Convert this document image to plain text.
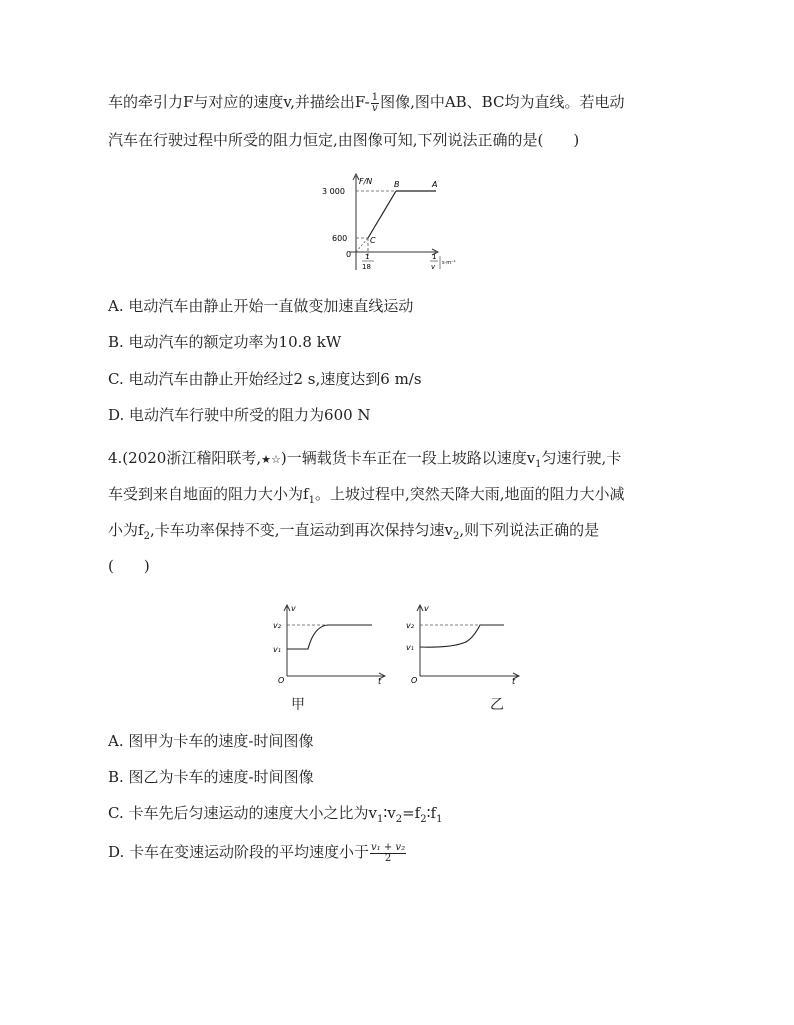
车的牵引力F与对应的速度v,并描绘出$F- \frac{1}{v}$ 图像,图中AB、BC均为直线。若电动
汽车在行驶过程中所受的阻力恒定,由图像可知,下列说法正确的是(　　)
F/N
3 000
600
0
A
B
C
1
18
1
v s·m⁻¹
A. 电动汽车由静止开始一直做变加速直线运动
B. 电动汽车的额定功率为10.8 kW
C. 电动汽车由静止开始经过2 s,速度达到6 m/s
D. 电动汽车行驶中所受的阻力为600 N
4.(2020浙江稽阳联考,★☆)一辆载货卡车正在一段上坡路以速度$v_1$匀速行驶,卡
车受到来自地面的阻力大小为$f_1$。上坡过程中,突然天降大雨,地面的阻力大小减
小为$f_2$,卡车功率保持不变,一直运动到再次保持匀速$v_2$,则下列说法正确的是
(　　)
v
v₂
v₁
O	t
v
v₂
v₁
O	t
甲	乙
A. 图甲为卡车的速度-时间图像
B. 图乙为卡车的速度-时间图像
C. 卡车先后匀速运动的速度大小之比为$v_1∶v_2=f_2∶f_1$
D. 卡车在变速运动阶段的平均速度小于 $\frac{\text{v₁ + v₂}}{2}$
